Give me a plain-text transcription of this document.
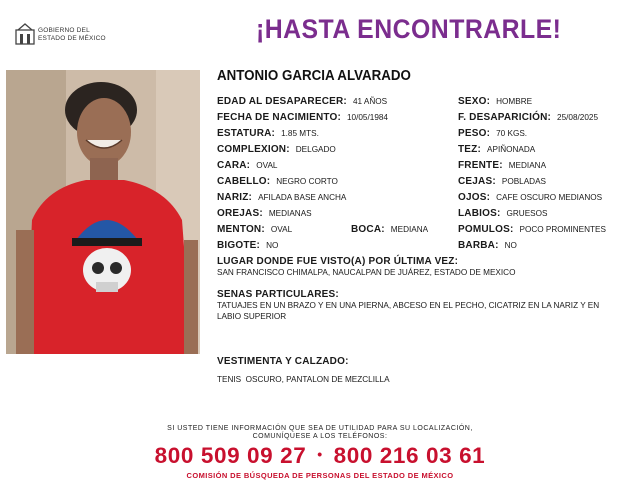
GOBIERNO DEL
ESTADO DE MÉXICO	¡HASTA ENCONTRARLE!
ANTONIO GARCIA ALVARADO
EDAD AL DESAPARECER: 41 AÑOS
FECHA DE NACIMIENTO: 10/05/1984
ESTATURA: 1.85 MTS.
COMPLEXION: DELGADO
CARA: OVAL
CABELLO: NEGRO CORTO
NARIZ: AFILADA BASE ANCHA
OREJAS: MEDIANAS
MENTON: OVAL	BOCA: MEDIANA
BIGOTE: NO
SEXO: HOMBRE
F. DESAPARICIÓN: 25/08/2025
PESO: 70 KGS.
TEZ: APIÑONADA
FRENTE: MEDIANA
CEJAS: POBLADAS
OJOS: CAFE OSCURO MEDIANOS
LABIOS: GRUESOS
POMULOS: POCO PROMINENTES
BARBA: NO
LUGAR DONDE FUE VISTO(A) POR ÚLTIMA VEZ:
SAN FRANCISCO CHIMALPA, NAUCALPAN DE JUÁREZ, ESTADO DE MEXICO
SENAS PARTICULARES:
TATUAJES EN UN BRAZO Y EN UNA PIERNA, ABCESO EN EL PECHO, CICATRIZ EN LA NARIZ Y EN LABIO SUPERIOR
VESTIMENTA Y CALZADO:
TENIS  OSCURO, PANTALON DE MEZCLILLA
SI USTED TIENE INFORMACIÓN QUE SEA DE UTILIDAD PARA SU LOCALIZACIÓN,
COMUNÍQUESE A LOS TELÉFONOS:
800 509 09 27 • 800 216 03 61
COMISIÓN DE BÚSQUEDA DE PERSONAS DEL ESTADO DE MÉXICO
